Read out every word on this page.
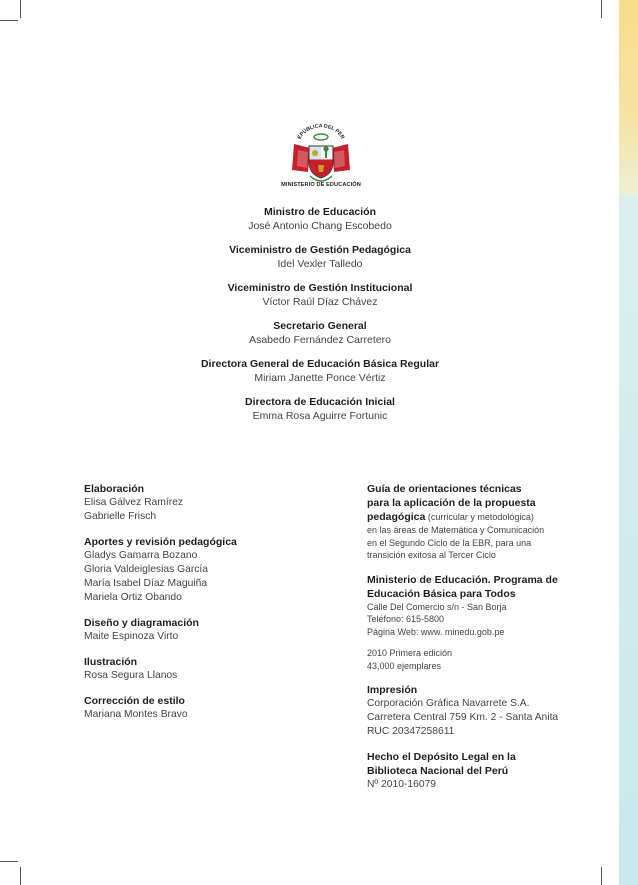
EPÚBLICA DEL PER
MINISTERIO DE EDUCACIÓN
Ministro de Educación
José Antonio Chang Escobedo
Viceministro de Gestión Pedagógica
Idel Vexler Talledo
Viceministro de Gestión Institucional
Víctor Raúl Díaz Chávez
Secretario General
Asabedo Fernández Carretero
Directora General de Educación Básica Regular
Miriam Janette Ponce Vértiz
Directora de Educación Inicial
Emma Rosa Aguirre Fortunic
Elaboración
Elisa Gálvez Ramírez
Gabrielle Frisch
Aportes y revisión pedagógica
Gladys Gamarra Bozano
Gloria Valdeiglesias García
María Isabel Díaz Maguiña
Mariela Ortiz Obando
Diseño y diagramación
Maite Espinoza Virto
Ilustración
Rosa Segura Llanos
Corrección de estilo
Mariana Montes Bravo
Guía de orientaciones técnicas
para la aplicación de la propuesta
pedagógica (curricular y metodológica)
en las áreas de Matemática y Comunicación
en el Segundo Ciclo de la EBR, para una
transición exitosa al Tercer Ciclo
Ministerio de Educación. Programa de
Educación Básica para Todos
Calle Del Comercio s/n - San Borja
Teléfono: 615-5800
Página Web: www. minedu.gob.pe
2010 Primera edición
43,000 ejemplares
Impresión
Corporación Gráfica Navarrete S.A.
Carretera Central 759 Km. 2 - Santa Anita
RUC 20347258611
Hecho el Depósito Legal en la
Biblioteca Nacional del Perú
Nº 2010-16079
